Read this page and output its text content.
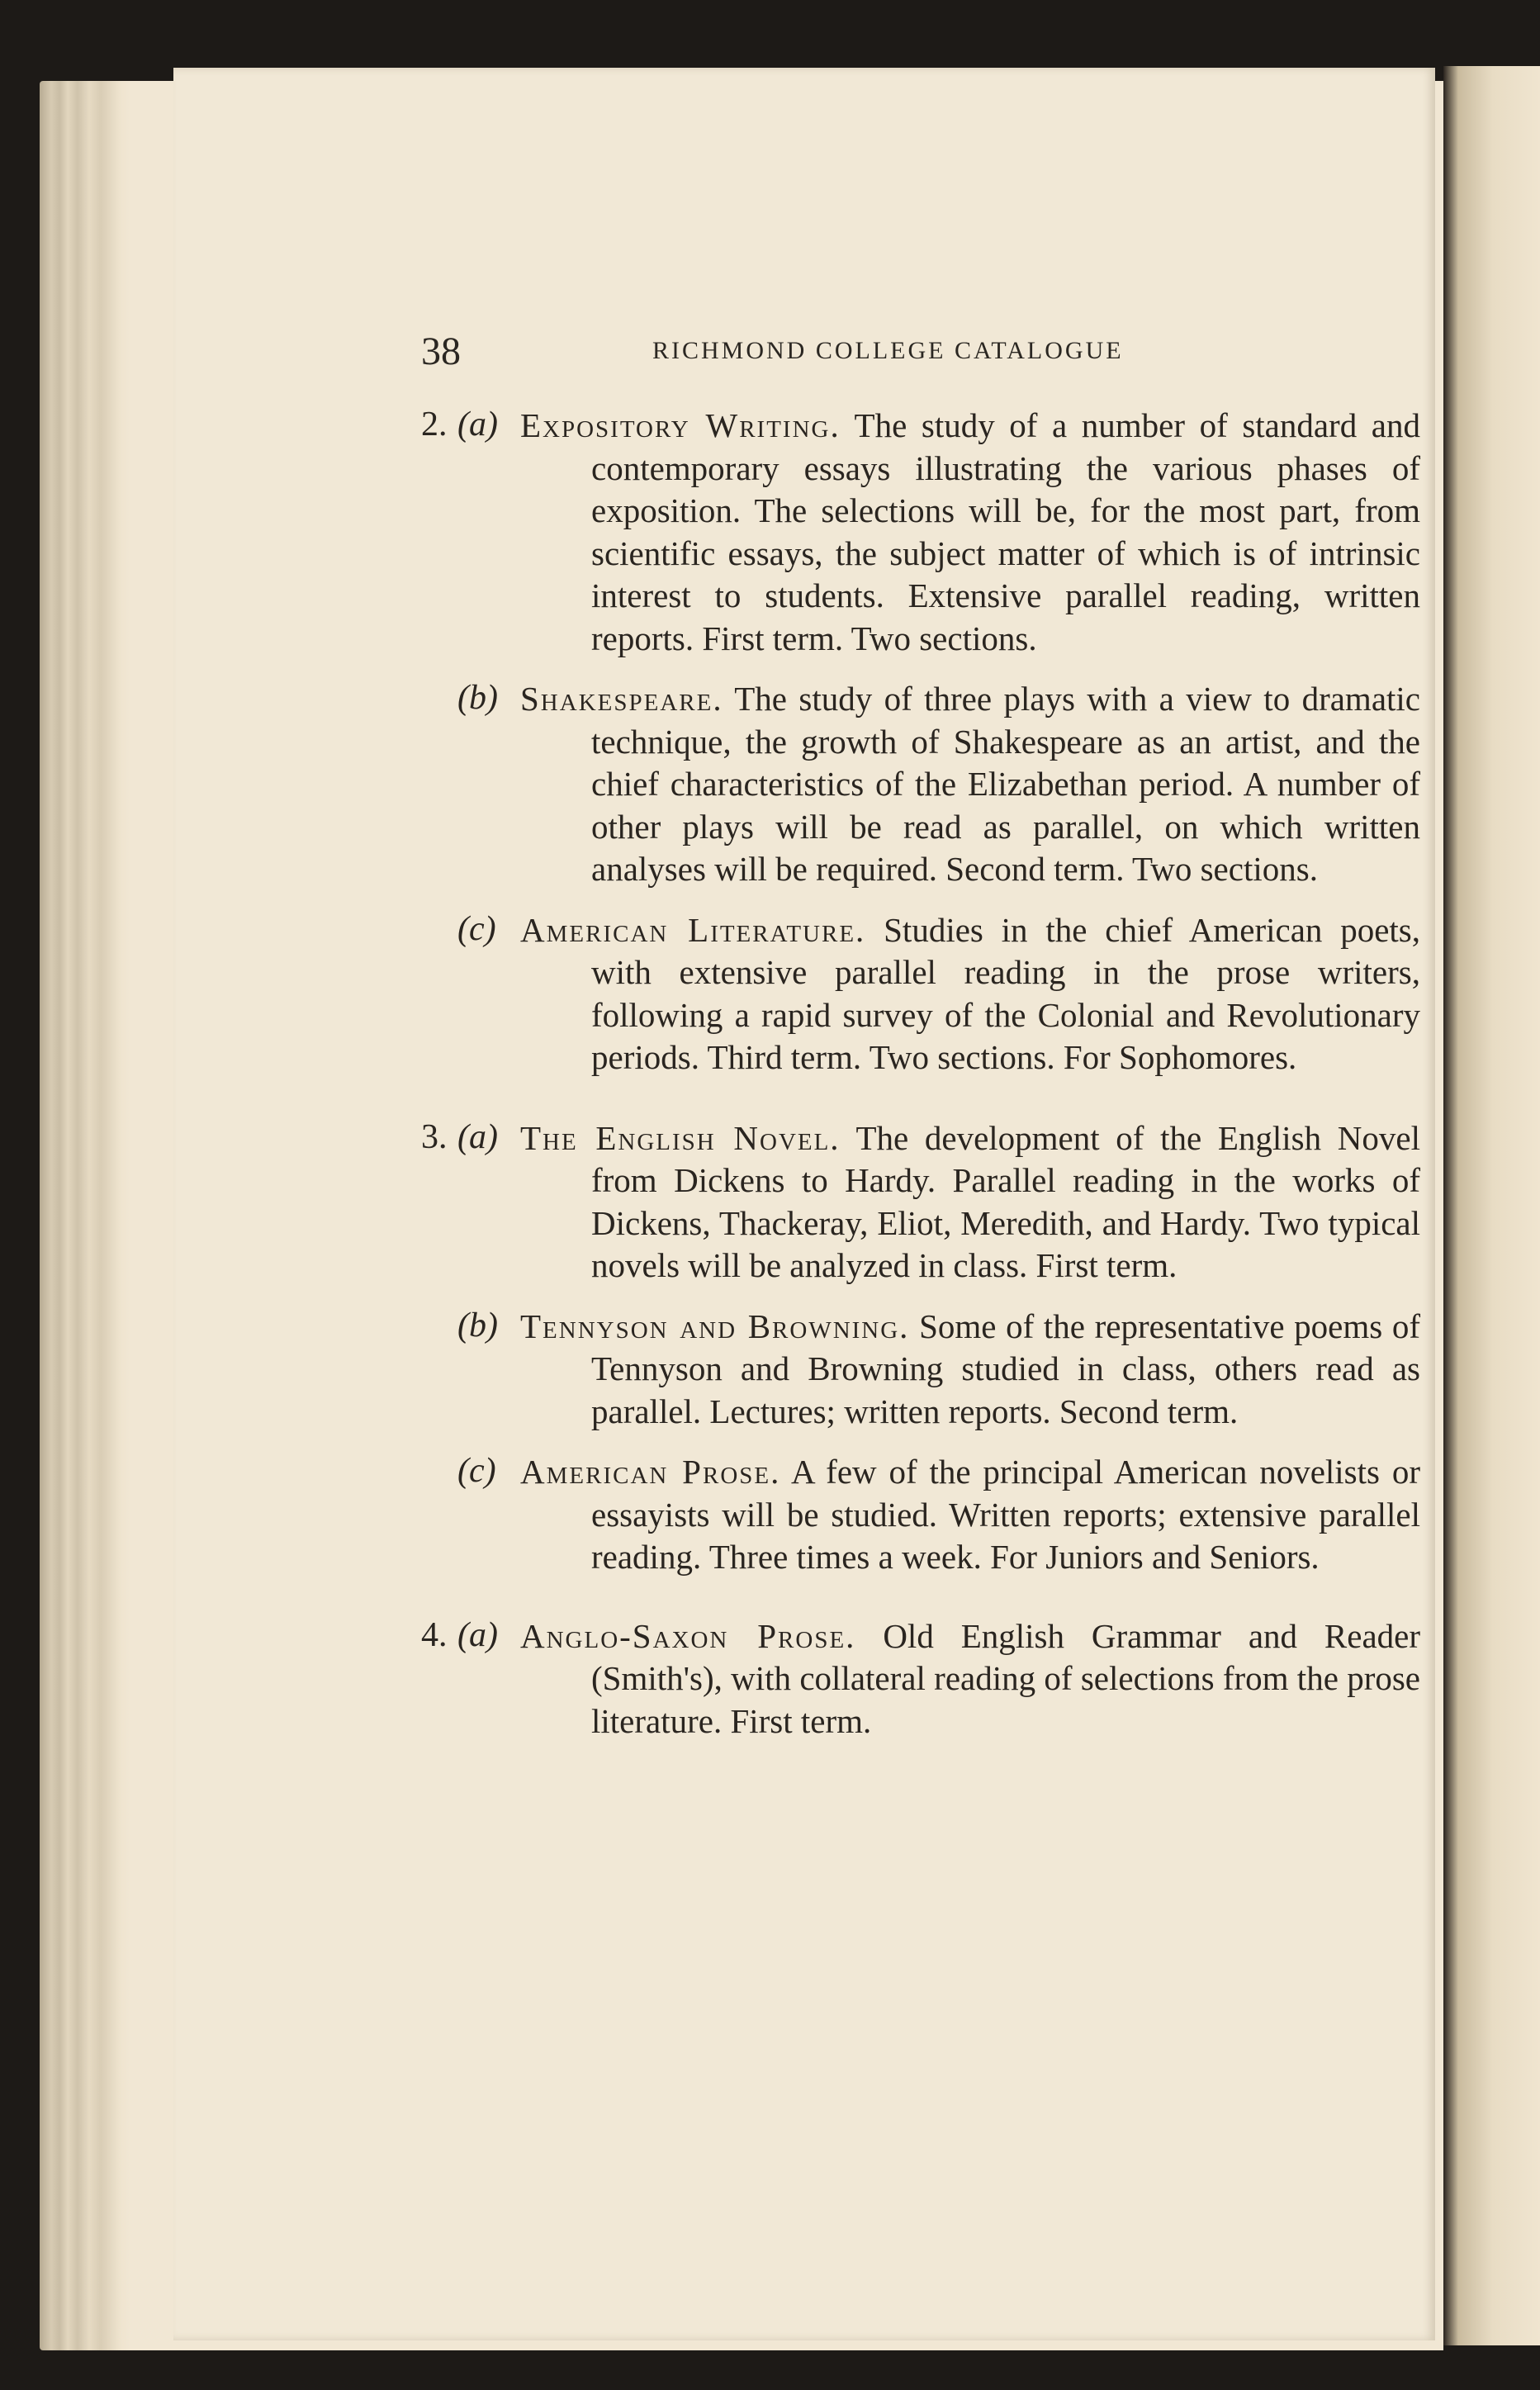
38	RICHMOND COLLEGE CATALOGUE
2. (a) Expository Writing. The study of a number of standard and contemporary essays illustrating the various phases of exposition. The selections will be, for the most part, from scientific essays, the subject matter of which is of intrinsic interest to students. Extensive parallel reading, written reports. First term. Two sections.
(b) Shakespeare. The study of three plays with a view to dramatic technique, the growth of Shakespeare as an artist, and the chief characteristics of the Elizabethan period. A number of other plays will be read as parallel, on which written analyses will be required. Second term. Two sections.
(c) American Literature. Studies in the chief American poets, with extensive parallel reading in the prose writers, following a rapid survey of the Colonial and Revolutionary periods. Third term. Two sections. For Sophomores.
3. (a) The English Novel. The development of the English Novel from Dickens to Hardy. Parallel reading in the works of Dickens, Thackeray, Eliot, Meredith, and Hardy. Two typical novels will be analyzed in class. First term.
(b) Tennyson and Browning. Some of the representative poems of Tennyson and Browning studied in class, others read as parallel. Lectures; written reports. Second term.
(c) American Prose. A few of the principal American novelists or essayists will be studied. Written reports; extensive parallel reading. Three times a week. For Juniors and Seniors.
4. (a) Anglo-Saxon Prose. Old English Grammar and Reader (Smith's), with collateral reading of selections from the prose literature. First term.
